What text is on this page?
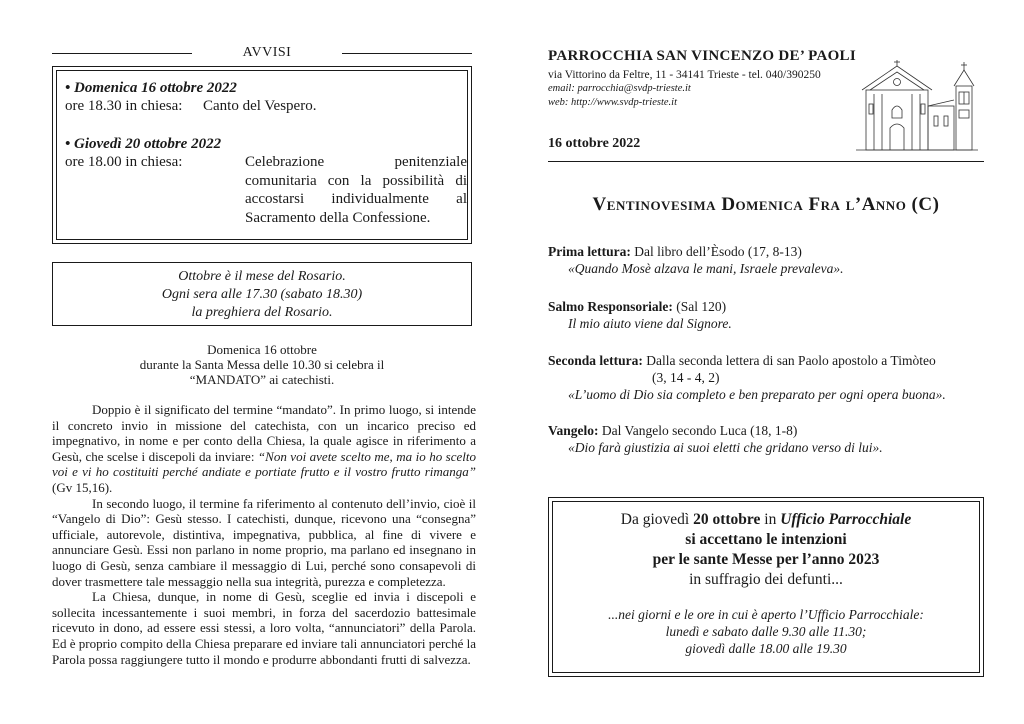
AVVISI
• Domenica 16 ottobre 2022
ore 18.30 in chiesa: Canto del Vespero.
• Giovedì 20 ottobre 2022
ore 18.00 in chiesa:	Celebrazione penitenziale comunitaria con la possibilità di accostarsi individualmente al Sacramento della Confessione.
Ottobre è il mese del Rosario.
Ogni sera alle 17.30 (sabato 18.30)
la preghiera del Rosario.
Domenica 16 ottobre
durante la Santa Messa delle 10.30 si celebra il
“MANDATO” ai catechisti.

Doppio è il significato del termine “mandato”. In primo luogo, si intende il concreto invio in missione del catechista, con un incarico preciso ed impegnativo, in nome e per conto della Chiesa, la quale agisce in riferimento a Gesù, che scelse i discepoli da inviare: “Non voi avete scelto me, ma io ho scelto voi e vi ho costituiti perché andiate e portiate frutto e il vostro frutto rimanga” (Gv 15,16).

In secondo luogo, il termine fa riferimento al contenuto dell’invio, cioè il “Vangelo di Dio”: Gesù stesso. I catechisti, dunque, ricevono una “consegna” ufficiale, autorevole, distintiva, impegnativa, pubblica, al fine di vivere e annunciare Gesù. Essi non parlano in nome proprio, ma parlano ed insegnano in luogo di Gesù, senza cambiare il messaggio di Lui, perché sono consapevoli di dover trasmettere tale messaggio nella sua integrità, purezza e completezza.

La Chiesa, dunque, in nome di Gesù, sceglie ed invia i discepoli e sollecita incessantemente i suoi membri, in forza del sacerdozio battesimale ricevuto in dono, ad essere essi stessi, a loro volta, “annunciatori” della Parola. Ed è proprio compito della Chiesa preparare ed inviare tali annunciatori perché la Parola possa raggiungere tutto il mondo e produrre abbondanti frutti di salvezza.

PARROCCHIA SAN VINCENZO DE’ PAOLI
via Vittorino da Feltre, 11 - 34141 Trieste - tel. 040/390250
email: parrocchia@svdp-trieste.it
web: http://www.svdp-trieste.it
16 ottobre 2022
Ventinovesima Domenica Fra l’Anno (C)
Prima lettura: Dal libro dell’Èsodo (17, 8-13)
«Quando Mosè alzava le mani, Israele prevaleva».
Salmo Responsoriale: (Sal 120)
Il mio aiuto viene dal Signore.
Seconda lettura: Dalla seconda lettera di san Paolo apostolo a Timòteo
(3, 14 - 4, 2)
«L’uomo di Dio sia completo e ben preparato per ogni opera buona».
Vangelo: Dal Vangelo secondo Luca (18, 1-8)
«Dio farà giustizia ai suoi eletti che gridano verso di lui».
Da giovedì 20 ottobre in Ufficio Parrocchiale
si accettano le intenzioni
per le sante Messe per l’anno 2023
in suffragio dei defunti...
...nei giorni e le ore in cui è aperto l’Ufficio Parrocchiale:
lunedì e sabato dalle 9.30 alle 11.30;
giovedì dalle 18.00 alle 19.30
